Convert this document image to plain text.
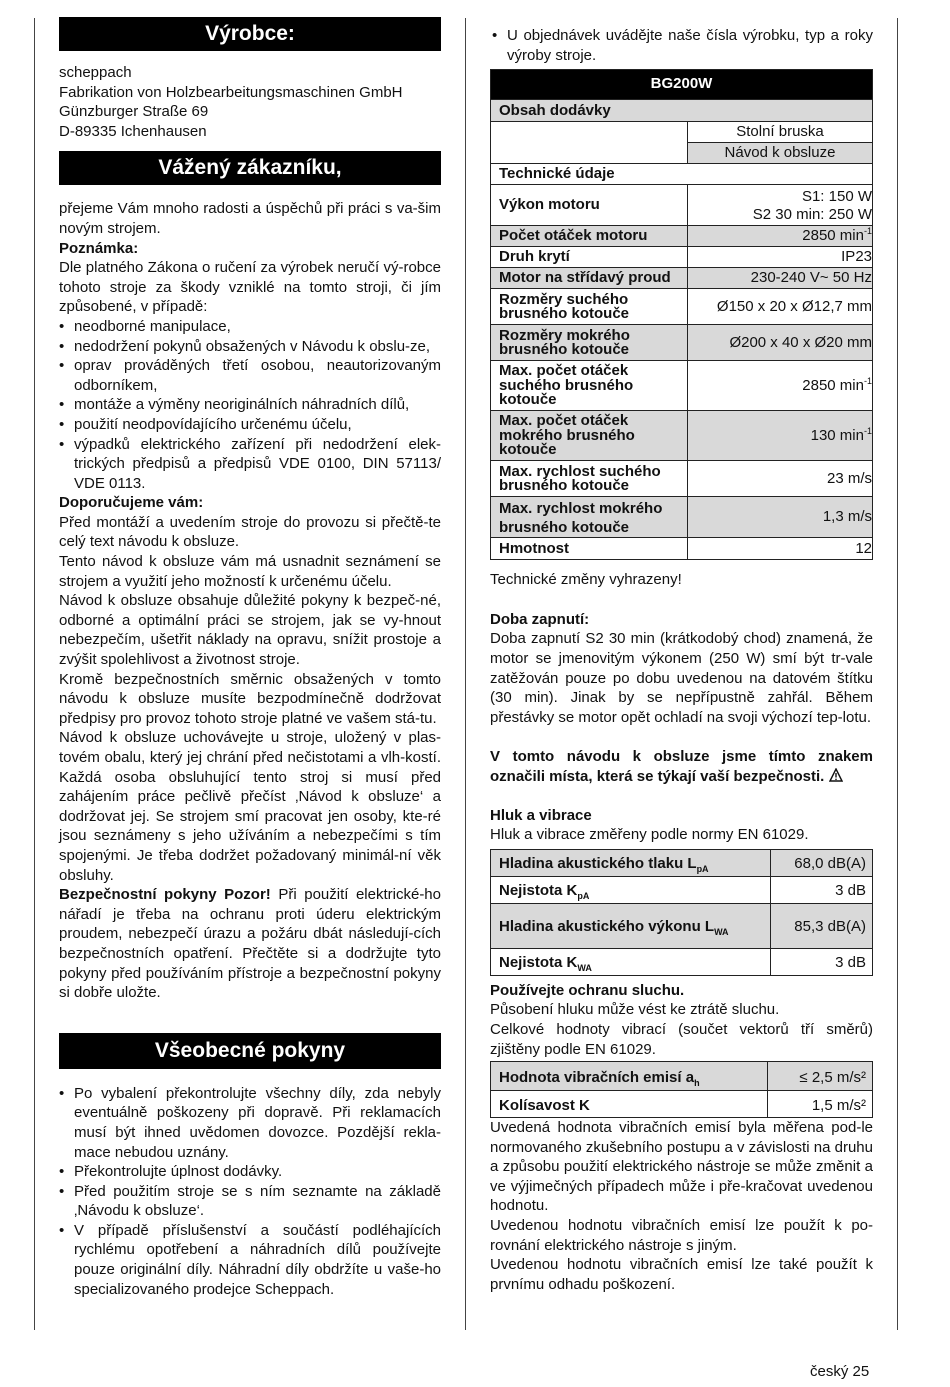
Výrobce:
scheppach
Fabrikation von Holzbearbeitungsmaschinen GmbH
Günzburger Straße 69
D-89335 Ichenhausen
Vážený zákazníku,

přejeme Vám mnoho radosti a úspěchů při práci s va-šim novým strojem.

Poznámka:

Dle platného Zákona o ručení za výrobek neručí vý-robce tohoto stroje za škody vzniklé na tomto stroji, či jím způsobené, v případě:

• neodborné manipulace,
• nedodržení pokynů obsažených v Návodu k obslu-ze,
• oprav prováděných třetí osobou, neautorizovaným odborníkem,
• montáže a výměny neoriginálních náhradních dílů,
• použití neodpovídajícího určenému účelu,
• výpadků elektrického zařízení při nedodržení elek-trických předpisů a předpisů VDE 0100, DIN 57113/ VDE 0113.

Doporučujeme vám:

Před montáží a uvedením stroje do provozu si přečtě-te celý text návodu k obsluze.

Tento návod k obsluze vám má usnadnit seznámení se strojem a využití jeho možností k určenému účelu.

Návod k obsluze obsahuje důležité pokyny k bezpeč-né, odborné a optimální práci se strojem, jak se vy-hnout nebezpečím, ušetřit náklady na opravu, snížit prostoje a zvýšit spolehlivost a životnost stroje.

Kromě bezpečnostních směrnic obsažených v tomto návodu k obsluze musíte bezpodmínečně dodržovat předpisy pro provoz tohoto stroje platné ve vašem stá-tu.

Návod k obsluze uchovávejte u stroje, uložený v plas-tovém obalu, který jej chrání před nečistotami a vlh-kostí. Každá osoba obsluhující tento stroj si musí před zahájením práce pečlivě přečíst ‚Návod k obsluze‘ a dodržovat jej. Se strojem smí pracovat jen osoby, kte-ré jsou seznámeny s jeho užíváním a nebezpečími s tím spojenými. Je třeba dodržet požadovaný minimál-ní věk obsluhy.

Bezpečnostní pokyny Pozor! Při použití elektrické-ho nářadí je třeba na ochranu proti úderu elektrickým proudem, nebezpečí úrazu a požáru dbát následují-cích bezpečnostních opatření. Přečtěte si a dodržujte tyto pokyny před používáním přístroje a bezpečnostní pokyny si dobře uložte.

Všeobecné pokyny
• Po vybalení překontrolujte všechny díly, zda nebyly eventuálně poškozeny při dopravě. Při reklamacích musí být ihned uvědomen dovozce. Pozdější rekla-mace nebudou uznány.
• Překontrolujte úplnost dodávky.
• Před použitím stroje se s ním seznamte na základě ‚Návodu k obsluze‘.
• V případě příslušenství a součástí podléhajících rychlému opotřebení a náhradních dílů používejte pouze originální díly. Náhradní díly obdržíte u vaše-ho specializovaného prodejce Scheppach.
• U objednávek uvádějte naše čísla výrobku, typ a roky výroby stroje.
BG200W	
Obsah dodávky	
	Stolní bruska
	Návod k obsluze
Technické údaje	
Výkon motoru	S1: 150 W
S2 30 min: 250 W
Počet otáček motoru	2850 $\min^{-1}$
Druh krytí	IP23
Motor na střídavý proud	230-240 V~ 50 Hz
Rozměry suchého brusného kotouče	Ø150 x 20 x Ø12,7 mm
Rozměry mokrého brusného kotouče	Ø200 x 40 x Ø20 mm
Max. počet otáček suchého brusného kotouče	2850 $\min^{-1}$
Max. počet otáček mokrého brusného kotouče	130 $\min^{-1}$
Max. rychlost suchého brusného kotouče	23 m/s
Max. rychlost mokrého brusného kotouče	1,3 m/s
Hmotnost	12

Technické změny vyhrazeny!

Doba zapnutí:

Doba zapnutí S2 30 min (krátkodobý chod) znamená, že motor se jmenovitým výkonem (250 W) smí být tr-vale zatěžován pouze po dobu uvedenou na datovém štítku (30 min). Jinak by se nepřípustně zahřál. Během přestávky se motor opět ochladí na svoji výchozí tep-lotu.

V tomto návodu k obsluze jsme tímto znakem označili místa, která se týkají vaší bezpečnosti.

Hluk a vibrace

Hluk a vibrace změřeny podle normy EN 61029.

Hladina akustického tlaku $L_{pA}$	68,0 dB(A)
Nejistota $K_{pA}$	3 dB
Hladina akustického výkonu $L_{WA}$	85,3 dB(A)
Nejistota $K_{WA}$	3 dB

Používejte ochranu sluchu.

Působení hluku může vést ke ztrátě sluchu.

Celkové hodnoty vibrací (součet vektorů tří směrů) zjištěny podle EN 61029.

Hodnota vibračních emisí $a_h$	≤ 2,5 m/s²
Kolísavost K	1,5 m/s²

Uvedená hodnota vibračních emisí byla měřena pod-le normovaného zkušebního postupu a v závislosti na druhu a způsobu použití elektrického nástroje se může změnit a ve výjimečných případech může i pře-kračovat uvedenou hodnotu.

Uvedenou hodnotu vibračních emisí lze použít k po-rovnání elektrického nástroje s jiným.

Uvedenou hodnotu vibračních emisí lze také použít k prvnímu odhadu poškození.

český 25
